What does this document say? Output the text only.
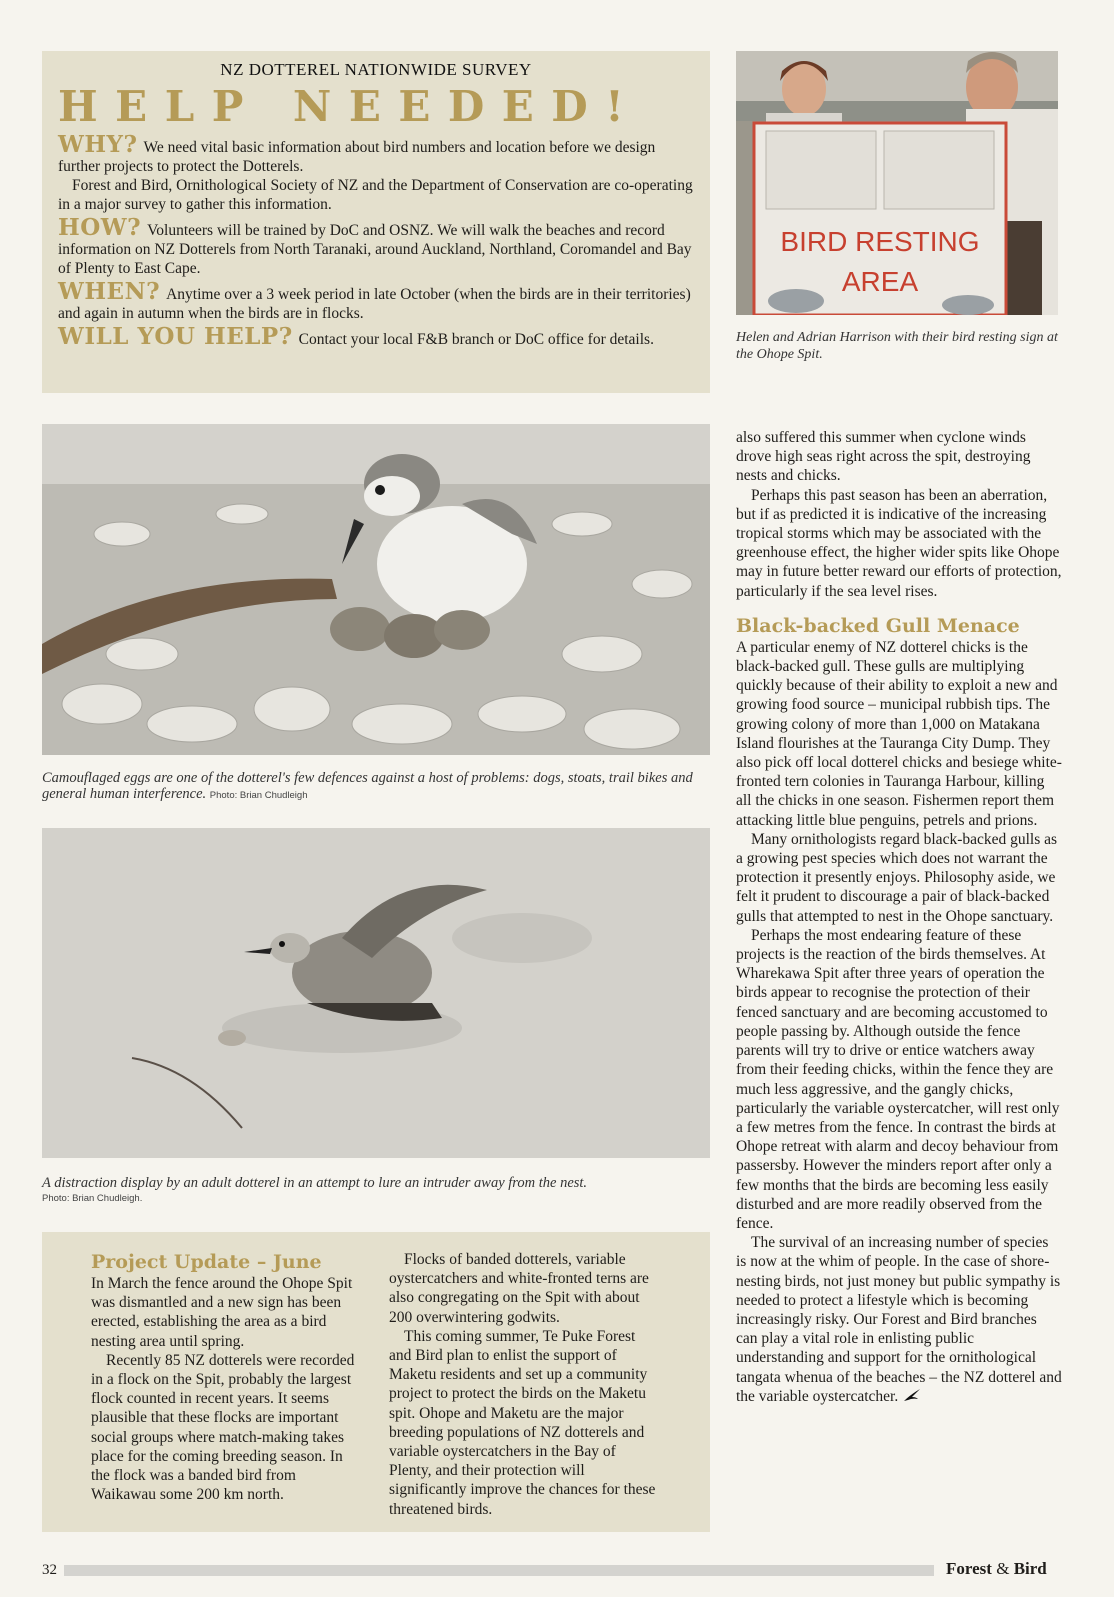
NZ DOTTEREL NATIONWIDE SURVEY

HELP NEEDED!

WHY? We need vital basic information about bird numbers and location before we design further projects to protect the Dotterels.
Forest and Bird, Ornithological Society of NZ and the Department of Conservation are co-operating in a major survey to gather this information.

HOW? Volunteers will be trained by DoC and OSNZ. We will walk the beaches and record information on NZ Dotterels from North Taranaki, around Auckland, Northland, Coromandel and Bay of Plenty to East Cape.

WHEN? Anytime over a 3 week period in late October (when the birds are in their territories) and again in autumn when the birds are in flocks.

WILL YOU HELP? Contact your local F&B branch or DoC office for details.

BIRD RESTING
AREA
Helen and Adrian Harrison with their bird resting sign at the Ohope Spit.
Camouflaged eggs are one of the dotterel's few defences against a host of problems: dogs, stoats, trail bikes and general human interference. Photo: Brian Chudleigh
A distraction display by an adult dotterel in an attempt to lure an intruder away from the nest.
Photo: Brian Chudleigh.

Project Update – June

In March the fence around the Ohope Spit was dismantled and a new sign has been erected, establishing the area as a bird nesting area until spring.

Recently 85 NZ dotterels were recorded in a flock on the Spit, probably the largest flock counted in recent years. It seems plausible that these flocks are important social groups where match-making takes place for the coming breeding season. In the flock was a banded bird from Waikawau some 200 km north.

Flocks of banded dotterels, variable oystercatchers and white-fronted terns are also congregating on the Spit with about 200 overwintering godwits.

This coming summer, Te Puke Forest and Bird plan to enlist the support of Maketu residents and set up a community project to protect the birds on the Maketu spit. Ohope and Maketu are the major breeding populations of NZ dotterels and variable oystercatchers in the Bay of Plenty, and their protection will significantly improve the chances for these threatened birds.

also suffered this summer when cyclone winds drove high seas right across the spit, destroying nests and chicks.

Perhaps this past season has been an aberration, but if as predicted it is indicative of the increasing tropical storms which may be associated with the greenhouse effect, the higher wider spits like Ohope may in future better reward our efforts of protection, particularly if the sea level rises.

Black-backed Gull Menace

A particular enemy of NZ dotterel chicks is the black-backed gull. These gulls are multiplying quickly because of their ability to exploit a new and growing food source – municipal rubbish tips. The growing colony of more than 1,000 on Matakana Island flourishes at the Tauranga City Dump. They also pick off local dotterel chicks and besiege white-fronted tern colonies in Tauranga Harbour, killing all the chicks in one season. Fishermen report them attacking little blue penguins, petrels and prions.

Many ornithologists regard black-backed gulls as a growing pest species which does not warrant the protection it presently enjoys. Philosophy aside, we felt it prudent to discourage a pair of black-backed gulls that attempted to nest in the Ohope sanctuary.

Perhaps the most endearing feature of these projects is the reaction of the birds themselves. At Wharekawa Spit after three years of operation the birds appear to recognise the protection of their fenced sanctuary and are becoming accustomed to people passing by. Although outside the fence parents will try to drive or entice watchers away from their feeding chicks, within the fence they are much less aggressive, and the gangly chicks, particularly the variable oystercatcher, will rest only a few metres from the fence. In contrast the birds at Ohope retreat with alarm and decoy behaviour from passersby. However the minders report after only a few months that the birds are becoming less easily disturbed and are more readily observed from the fence.

The survival of an increasing number of species is now at the whim of people. In the case of shore-nesting birds, not just money but public sympathy is needed to protect a lifestyle which is becoming increasingly risky. Our Forest and Bird branches can play a vital role in enlisting public understanding and support for the ornithological tangata whenua of the beaches – the NZ dotterel and the variable oystercatcher.

32	Forest & Bird
